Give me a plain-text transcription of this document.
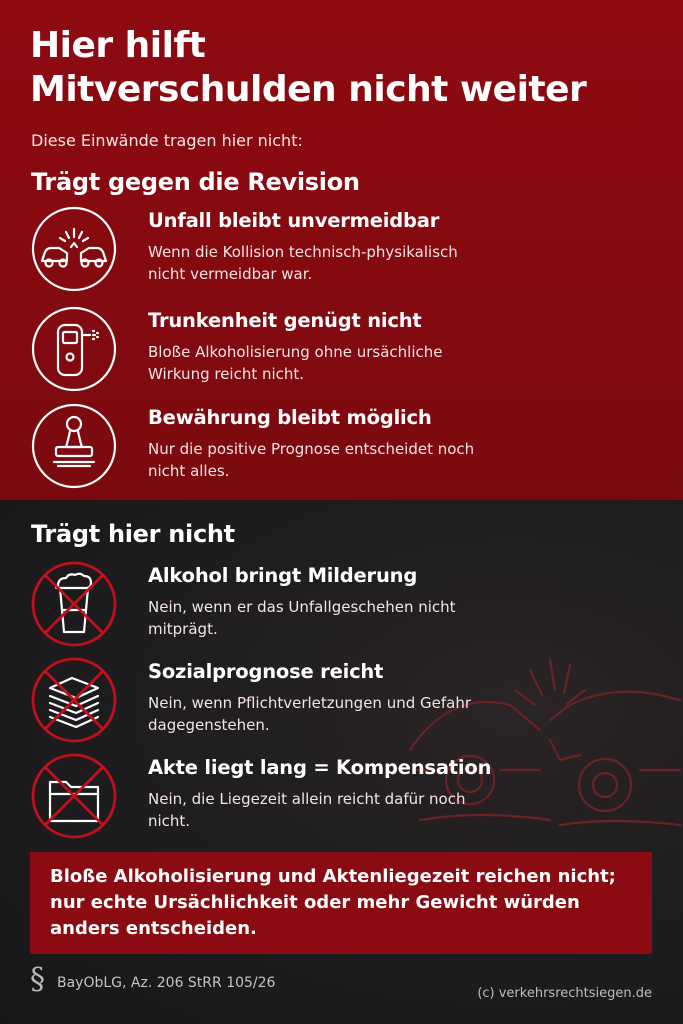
Hier hilft
Mitverschulden nicht weiter
Diese Einwände tragen hier nicht:
Trägt gegen die Revision
Unfall bleibt unvermeidbar
Wenn die Kollision technisch-physikalisch nicht vermeidbar war.
Trunkenheit genügt nicht
Bloße Alkoholisierung ohne ursächliche Wirkung reicht nicht.
Bewährung bleibt möglich
Nur die positive Prognose entscheidet noch nicht alles.
Trägt hier nicht
Alkohol bringt Milderung
Nein, wenn er das Unfallgeschehen nicht mitprägt.
Sozialprognose reicht
Nein, wenn Pflichtverletzungen und Gefahr dagegenstehen.
Akte liegt lang = Kompensation
Nein, die Liegezeit allein reicht dafür noch nicht.

Bloße Alkoholisierung und Aktenliegezeit reichen nicht; nur echte Ursächlichkeit oder mehr Gewicht würden anders entscheiden.

§ BayObLG, Az. 206 StRR 105/26
(c) verkehrsrechtsiegen.de
